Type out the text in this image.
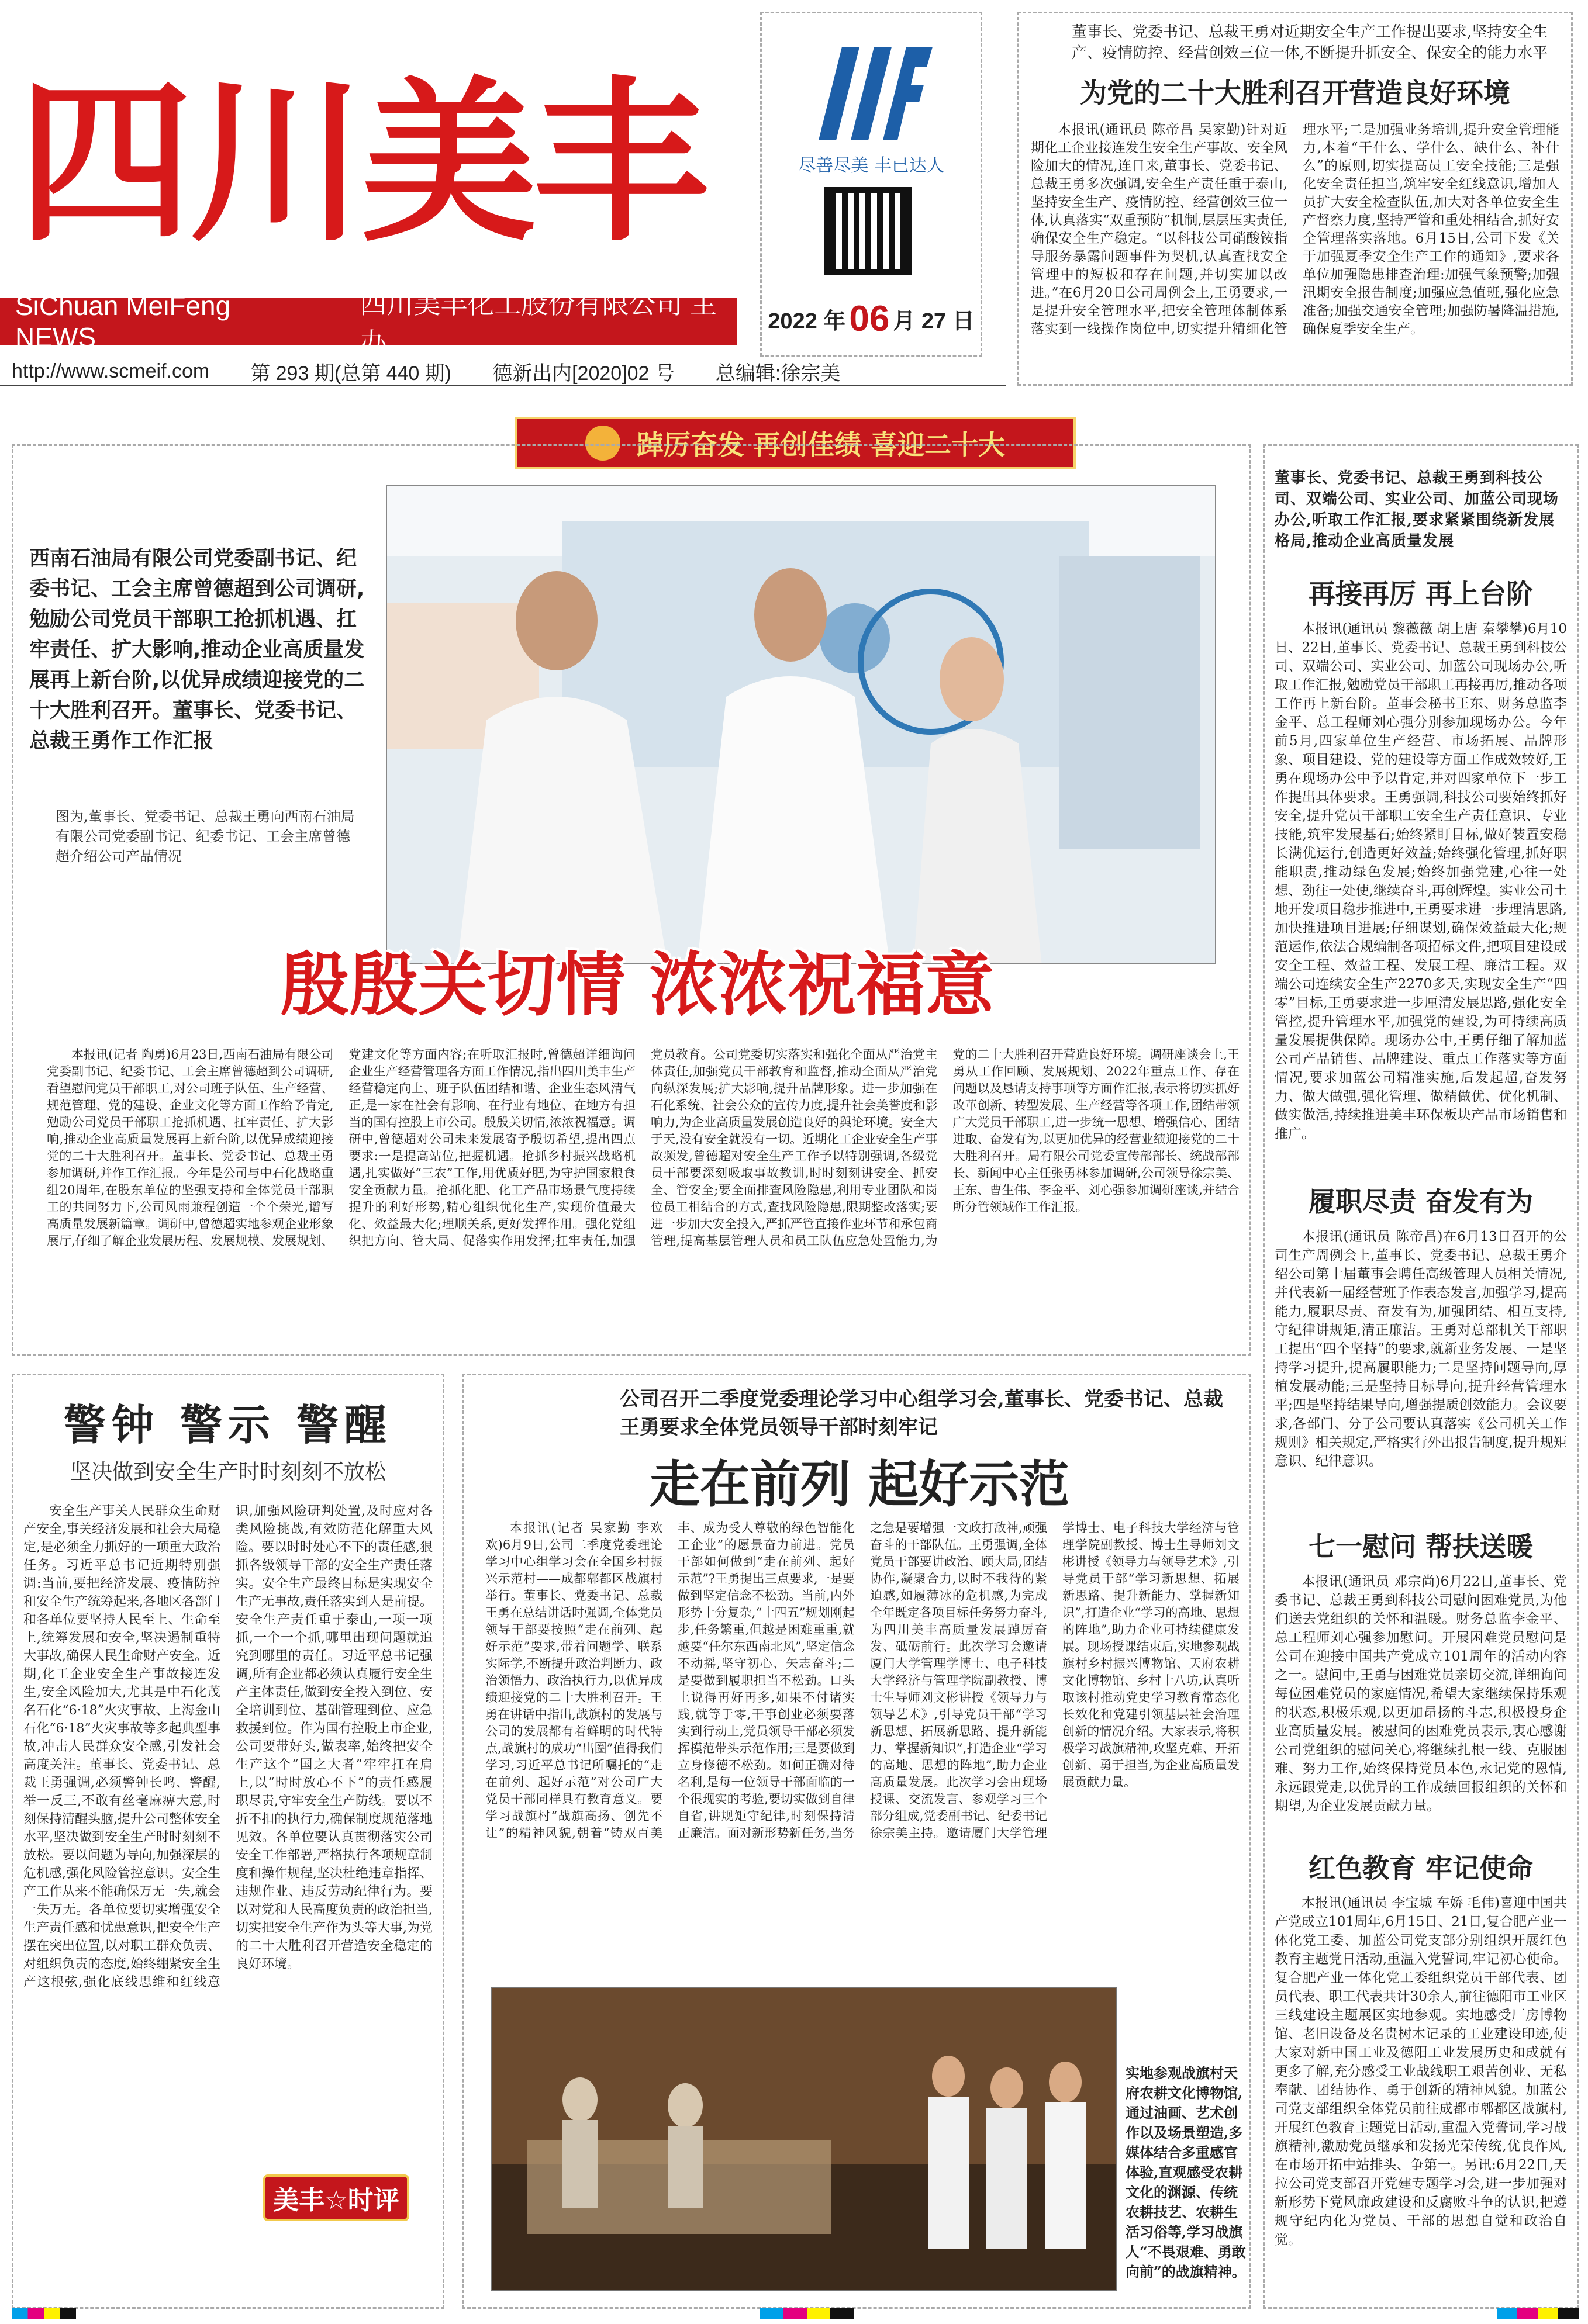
四川美丰
SiChuan MeiFeng NEWS
四川美丰化工股份有限公司 主办
http://www.scmeif.com 第 293 期(总第 440 期) 德新出内[2020]02 号 总编辑:徐宗美
尽善尽美 丰已达人
2022 年 06 月 27 日

董事长、党委书记、总裁王勇对近期安全生产工作提出要求,坚持安全生产、疫情防控、经营创效三位一体,不断提升抓安全、保安全的能力水平

为党的二十大胜利召开营造良好环境

本报讯(通讯员 陈帝昌 吴家勤)针对近期化工企业接连发生安全生产事故、安全风险加大的情况,连日来,董事长、党委书记、总裁王勇多次强调,安全生产责任重于泰山,坚持安全生产、疫情防控、经营创效三位一体,认真落实“双重预防”机制,层层压实责任,确保安全生产稳定。“以科技公司硝酸铵指导服务暴露问题事件为契机,认真查找安全管理中的短板和存在问题,并切实加以改进。”在6月20日公司周例会上,王勇要求,一是提升安全管理水平,把安全管理体制体系落实到一线操作岗位中,切实提升精细化管理水平;二是加强业务培训,提升安全管理能力,本着“干什么、学什么、缺什么、补什么”的原则,切实提高员工安全技能;三是强化安全责任担当,筑牢安全红线意识,增加人员扩大安全检查队伍,加大对各单位安全生产督察力度,坚持严管和重处相结合,抓好安全管理落实落地。6月15日,公司下发《关于加强夏季安全生产工作的通知》,要求各单位加强隐患排查治理:加强气象预警;加强汛期安全报告制度;加强应急值班,强化应急准备;加强交通安全管理;加强防暑降温措施,确保夏季安全生产。

踔厉奋发 再创佳绩 喜迎二十大

西南石油局有限公司党委副书记、纪委书记、工会主席曾德超到公司调研,勉励公司党员干部职工抢抓机遇、扛牢责任、扩大影响,推动企业高质量发展再上新台阶,以优异成绩迎接党的二十大胜利召开。董事长、党委书记、总裁王勇作工作汇报

图为,董事长、党委书记、总裁王勇向西南石油局有限公司党委副书记、纪委书记、工会主席曾德超介绍公司产品情况

殷殷关切情 浓浓祝福意

本报讯(记者 陶勇)6月23日,西南石油局有限公司党委副书记、纪委书记、工会主席曾德超到公司调研,看望慰问党员干部职工,对公司班子队伍、生产经营、规范管理、党的建设、企业文化等方面工作给予肯定,勉励公司党员干部职工抢抓机遇、扛牢责任、扩大影响,推动企业高质量发展再上新台阶,以优异成绩迎接党的二十大胜利召开。董事长、党委书记、总裁王勇参加调研,并作工作汇报。今年是公司与中石化战略重组20周年,在股东单位的坚强支持和全体党员干部职工的共同努力下,公司风雨兼程创造一个个荣光,谱写高质量发展新篇章。调研中,曾德超实地参观企业形象展厅,仔细了解企业发展历程、发展规模、发展规划、党建文化等方面内容;在听取汇报时,曾德超详细询问企业生产经营管理各方面工作情况,指出四川美丰生产经营稳定向上、班子队伍团结和谐、企业生态风清气正,是一家在社会有影响、在行业有地位、在地方有担当的国有控股上市公司。殷殷关切情,浓浓祝福意。调研中,曾德超对公司未来发展寄予殷切希望,提出四点要求:一是提高站位,把握机遇。抢抓乡村振兴战略机遇,扎实做好“三农”工作,用优质好肥,为守护国家粮食安全贡献力量。抢抓化肥、化工产品市场景气度持续提升的利好形势,精心组织优化生产,实现价值最大化、效益最大化;理顺关系,更好发挥作用。强化党组织把方向、管大局、促落实作用发挥;扛牢责任,加强党员教育。公司党委切实落实和强化全面从严治党主体责任,加强党员干部教育和监督,推动全面从严治党向纵深发展;扩大影响,提升品牌形象。进一步加强在石化系统、社会公众的宣传力度,提升社会美誉度和影响力,为企业高质量发展创造良好的舆论环境。安全大于天,没有安全就没有一切。近期化工企业安全生产事故频发,曾德超对安全生产工作予以特别强调,各级党员干部要深刻吸取事故教训,时时刻刻讲安全、抓安全、管安全;要全面排查风险隐患,利用专业团队和岗位员工相结合的方式,查找风险隐患,限期整改落实;要进一步加大安全投入,严抓严管直接作业环节和承包商管理,提高基层管理人员和员工队伍应急处置能力,为党的二十大胜利召开营造良好环境。调研座谈会上,王勇从工作回顾、发展规划、2022年重点工作、存在问题以及恳请支持事项等方面作汇报,表示将切实抓好改革创新、转型发展、生产经营等各项工作,团结带领广大党员干部职工,进一步统一思想、增强信心、团结进取、奋发有为,以更加优异的经营业绩迎接党的二十大胜利召开。局有限公司党委宣传部部长、统战部部长、新闻中心主任张勇林参加调研,公司领导徐宗美、王东、曹生伟、李金平、刘心强参加调研座谈,并结合所分管领域作工作汇报。

董事长、党委书记、总裁王勇到科技公司、双端公司、实业公司、加蓝公司现场办公,听取工作汇报,要求紧紧围绕新发展格局,推动企业高质量发展

再接再厉 再上台阶

本报讯(通讯员 黎薇薇 胡上唐 秦攀攀)6月10日、22日,董事长、党委书记、总裁王勇到科技公司、双端公司、实业公司、加蓝公司现场办公,听取工作汇报,勉励党员干部职工再接再厉,推动各项工作再上新台阶。董事会秘书王东、财务总监李金平、总工程师刘心强分别参加现场办公。今年前5月,四家单位生产经营、市场拓展、品牌形象、项目建设、党的建设等方面工作成效较好,王勇在现场办公中予以肯定,并对四家单位下一步工作提出具体要求。王勇强调,科技公司要始终抓好安全,提升党员干部职工安全生产责任意识、专业技能,筑牢发展基石;始终紧盯目标,做好装置安稳长满优运行,创造更好效益;始终强化管理,抓好职能职责,推动绿色发展;始终加强党建,心往一处想、劲往一处使,继续奋斗,再创辉煌。实业公司土地开发项目稳步推进中,王勇要求进一步理清思路,加快推进项目进展;仔细谋划,确保效益最大化;规范运作,依法合规编制各项招标文件,把项目建设成安全工程、效益工程、发展工程、廉洁工程。双端公司连续安全生产2270多天,实现安全生产“四零”目标,王勇要求进一步厘清发展思路,强化安全管控,提升管理水平,加强党的建设,为可持续高质量发展提供保障。现场办公中,王勇仔细了解加蓝公司产品销售、品牌建设、重点工作落实等方面情况,要求加蓝公司精准实施,后发起超,奋发努力、做大做强,强化管理、做精做优、优化机制、做实做活,持续推进美丰环保板块产品市场销售和推广。

履职尽责 奋发有为

本报讯(通讯员 陈帝昌)在6月13日召开的公司生产周例会上,董事长、党委书记、总裁王勇介绍公司第十届董事会聘任高级管理人员相关情况,并代表新一届经营班子作表态发言,加强学习,提高能力,履职尽责、奋发有为,加强团结、相互支持,守纪律讲规矩,清正廉洁。王勇对总部机关干部职工提出“四个坚持”的要求,就新业务发展、一是坚持学习提升,提高履职能力;二是坚持问题导向,厚植发展动能;三是坚持目标导向,提升经营管理水平;四是坚持结果导向,增强提质创效能力。会议要求,各部门、分子公司要认真落实《公司机关工作规则》相关规定,严格实行外出报告制度,提升规矩意识、纪律意识。

七一慰问 帮扶送暖

本报讯(通讯员 邓宗尚)6月22日,董事长、党委书记、总裁王勇到科技公司慰问困难党员,为他们送去党组织的关怀和温暖。财务总监李金平、总工程师刘心强参加慰问。开展困难党员慰问是公司在迎接中国共产党成立101周年的活动内容之一。慰问中,王勇与困难党员亲切交流,详细询问每位困难党员的家庭情况,希望大家继续保持乐观的状态,积极乐观,以更加昂扬的斗志,积极投身企业高质量发展。被慰问的困难党员表示,衷心感谢公司党组织的慰问关心,将继续扎根一线、克服困难、努力工作,始终保持党员本色,永记党的恩情,永远跟党走,以优异的工作成绩回报组织的关怀和期望,为企业发展贡献力量。

红色教育 牢记使命

本报讯(通讯员 李宝城 车娇 毛伟)喜迎中国共产党成立101周年,6月15日、21日,复合肥产业一体化党工委、加蓝公司党支部分别组织开展红色教育主题党日活动,重温入党誓词,牢记初心使命。复合肥产业一体化党工委组织党员干部代表、团员代表、职工代表共计30余人,前往德阳市工业区三线建设主题展区实地参观。实地感受厂房博物馆、老旧设备及名贵树木记录的工业建设印迹,使大家对新中国工业及德阳工业发展历史和成就有更多了解,充分感受工业战线职工艰苦创业、无私奉献、团结协作、勇于创新的精神风貌。加蓝公司党支部组织全体党员前往成都市郫都区战旗村,开展红色教育主题党日活动,重温入党誓词,学习战旗精神,激励党员继承和发扬光荣传统,优良作风,在市场开拓中站排头、争第一。另讯:6月22日,天拉公司党支部召开党建专题学习会,进一步加强对新形势下党风廉政建设和反腐败斗争的认识,把遵规守纪内化为党员、干部的思想自觉和政治自觉。

警钟 警示 警醒

坚决做到安全生产时时刻刻不放松

安全生产事关人民群众生命财产安全,事关经济发展和社会大局稳定,是必须全力抓好的一项重大政治任务。习近平总书记近期特别强调:当前,要把经济发展、疫情防控和安全生产统筹起来,各地区各部门和各单位要坚持人民至上、生命至上,统筹发展和安全,坚决遏制重特大事故,确保人民生命财产安全。近期,化工企业安全生产事故接连发生,安全风险加大,尤其是中石化茂名石化“6·18”火灾事故、上海金山石化“6·18”火灾事故等多起典型事故,冲击人民群众安全感,引发社会高度关注。董事长、党委书记、总裁王勇强调,必须警钟长鸣、警醒,举一反三,不敢有丝毫麻痹大意,时刻保持清醒头脑,提升公司整体安全水平,坚决做到安全生产时时刻刻不放松。要以问题为导向,加强深层的危机感,强化风险管控意识。安全生产工作从来不能确保万无一失,就会一失万无。各单位要切实增强安全生产责任感和忧患意识,把安全生产摆在突出位置,以对职工群众负责、对组织负责的态度,始终绷紧安全生产这根弦,强化底线思维和红线意识,加强风险研判处置,及时应对各类风险挑战,有效防范化解重大风险。要以时时处心不下的责任感,狠抓各级领导干部的安全生产责任落实。安全生产最终目标是实现安全生产无事故,责任落实到人是前提。安全生产责任重于泰山,一项一项抓,一个一个抓,哪里出现问题就追究到哪里的责任。习近平总书记强调,所有企业都必须认真履行安全生产主体责任,做到安全投入到位、安全培训到位、基础管理到位、应急救援到位。作为国有控股上市企业,公司要带好头,做表率,始终把安全生产这个“国之大者”牢牢扛在肩上,以“时时放心不下”的责任感履职尽责,守牢安全生产防线。要以不折不扣的执行力,确保制度规范落地见效。各单位要认真贯彻落实公司安全工作部署,严格执行各项规章制度和操作规程,坚决杜绝违章指挥、违规作业、违反劳动纪律行为。要以对党和人民高度负责的政治担当,切实把安全生产作为头等大事,为党的二十大胜利召开营造安全稳定的良好环境。

美丰☆时评

公司召开二季度党委理论学习中心组学习会,董事长、党委书记、总裁王勇要求全体党员领导干部时刻牢记

走在前列 起好示范

本报讯(记者 吴家勤 李欢欢)6月9日,公司二季度党委理论学习中心组学习会在全国乡村振兴示范村——成都郫都区战旗村举行。董事长、党委书记、总裁王勇在总结讲话时强调,全体党员领导干部要按照“走在前列、起好示范”要求,带着问题学、联系实际学,不断提升政治判断力、政治领悟力、政治执行力,以优异成绩迎接党的二十大胜利召开。王勇在讲话中指出,战旗村的发展与公司的发展都有着鲜明的时代特点,战旗村的成功“出圈”值得我们学习,习近平总书记所嘱托的“走在前列、起好示范”对公司广大党员干部同样具有教育意义。要学习战旗村“战旗高扬、创先不让”的精神风貌,朝着“铸双百美丰、成为受人尊敬的绿色智能化工企业”的愿景奋力前进。党员干部如何做到“走在前列、起好示范”?王勇提出三点要求,一是要做到坚定信念不松劲。当前,内外形势十分复杂,“十四五”规划刚起步,任务繁重,但越是困难重重,就越要“任尔东西南北风”,坚定信念不动摇,坚守初心、矢志奋斗;二是要做到履职担当不松劲。口头上说得再好再多,如果不付诸实践,就等于零,干事创业必须要落实到行动上,党员领导干部必须发挥模范带头示范作用;三是要做到立身修德不松劲。如何正确对待名利,是每一位领导干部面临的一个很现实的考验,要切实做到自律自省,讲规矩守纪律,时刻保持清正廉洁。面对新形势新任务,当务之急是要增强一文政打敌神,顽强奋斗的干部队伍。王勇强调,全体党员干部要讲政治、顾大局,团结协作,凝聚合力,以时不我待的紧迫感,如履薄冰的危机感,为完成全年既定各项目标任务努力奋斗,为四川美丰高质量发展踔厉奋发、砥砺前行。此次学习会邀请厦门大学管理学博士、电子科技大学经济与管理学院副教授、博士生导师刘文彬讲授《领导力与领导艺术》,引导党员干部“学习新思想、拓展新思路、提升新能力、掌握新知识”,打造企业“学习的高地、思想的阵地”,助力企业高质量发展。此次学习会由现场授课、交流发言、参观学习三个部分组成,党委副书记、纪委书记徐宗美主持。邀请厦门大学管理学博士、电子科技大学经济与管理学院副教授、博士生导师刘文彬讲授《领导力与领导艺术》,引导党员干部“学习新思想、拓展新思路、提升新能力、掌握新知识”,打造企业“学习的高地、思想的阵地”,助力企业可持续健康发展。现场授课结束后,实地参观战旗村乡村振兴博物馆、天府农耕文化博物馆、乡村十八坊,认真听取该村推动党史学习教育常态化长效化和党建引领基层社会治理创新的情况介绍。大家表示,将积极学习战旗精神,攻坚克难、开拓创新、勇于担当,为企业高质量发展贡献力量。

实地参观战旗村天府农耕文化博物馆,通过油画、艺术创作以及场景塑造,多媒体结合多重感官体验,直观感受农耕文化的渊源、传统农耕技艺、农耕生活习俗等,学习战旗人“不畏艰难、勇敢向前”的战旗精神。
